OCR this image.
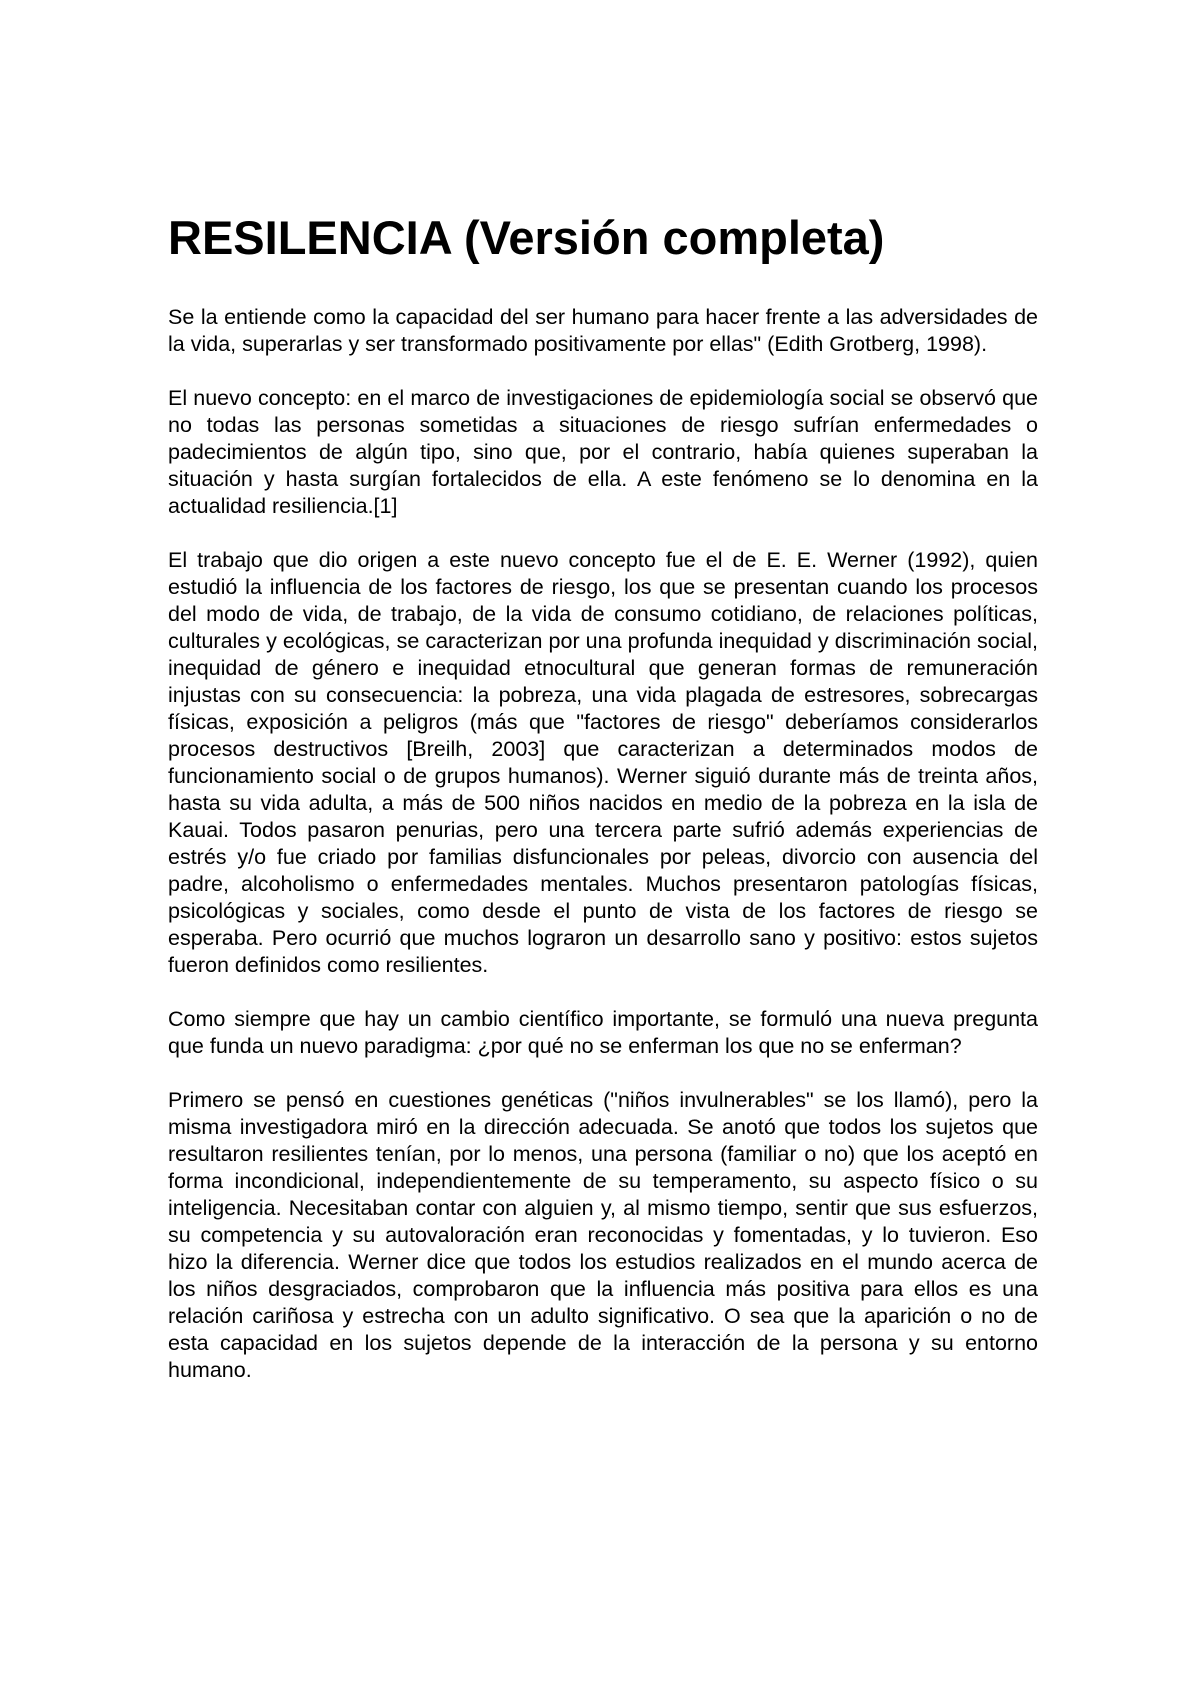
RESILENCIA (Versión completa)

Se la entiende como la capacidad del ser humano para hacer frente a las adversidades de la vida, superarlas y ser transformado positivamente por ellas" (Edith Grotberg, 1998).

El nuevo concepto: en el marco de investigaciones de epidemiología social se observó que no todas las personas sometidas a situaciones de riesgo sufrían enfermedades o padecimientos de algún tipo, sino que, por el contrario, había quienes superaban la situación y hasta surgían fortalecidos de ella. A este fenómeno se lo denomina en la actualidad resiliencia.[1]

El trabajo que dio origen a este nuevo concepto fue el de E. E. Werner (1992), quien estudió la influencia de los factores de riesgo, los que se presentan cuando los procesos del modo de vida, de trabajo, de la vida de consumo cotidiano, de relaciones políticas, culturales y ecológicas, se caracterizan por una profunda inequidad y discriminación social, inequidad de género e inequidad etnocultural que generan formas de remuneración injustas con su consecuencia: la pobreza, una vida plagada de estresores, sobrecargas físicas, exposición a peligros (más que "factores de riesgo" deberíamos considerarlos procesos destructivos [Breilh, 2003] que caracterizan a determinados modos de funcionamiento social o de grupos humanos). Werner siguió durante más de treinta años, hasta su vida adulta, a más de 500 niños nacidos en medio de la pobreza en la isla de Kauai. Todos pasaron penurias, pero una tercera parte sufrió además experiencias de estrés y/o fue criado por familias disfuncionales por peleas, divorcio con ausencia del padre, alcoholismo o enfermedades mentales. Muchos presentaron patologías físicas, psicológicas y sociales, como desde el punto de vista de los factores de riesgo se esperaba. Pero ocurrió que muchos lograron un desarrollo sano y positivo: estos sujetos fueron definidos como resilientes.

Como siempre que hay un cambio científico importante, se formuló una nueva pregunta que funda un nuevo paradigma: ¿por qué no se enferman los que no se enferman?

Primero se pensó en cuestiones genéticas ("niños invulnerables" se los llamó), pero la misma investigadora miró en la dirección adecuada. Se anotó que todos los sujetos que resultaron resilientes tenían, por lo menos, una persona (familiar o no) que los aceptó en forma incondicional, independientemente de su temperamento, su aspecto físico o su inteligencia. Necesitaban contar con alguien y, al mismo tiempo, sentir que sus esfuerzos, su competencia y su autovaloración eran reconocidas y fomentadas, y lo tuvieron. Eso hizo la diferencia. Werner dice que todos los estudios realizados en el mundo acerca de los niños desgraciados, comprobaron que la influencia más positiva para ellos es una relación cariñosa y estrecha con un adulto significativo. O sea que la aparición o no de esta capacidad en los sujetos depende de la interacción de la persona y su entorno humano.
